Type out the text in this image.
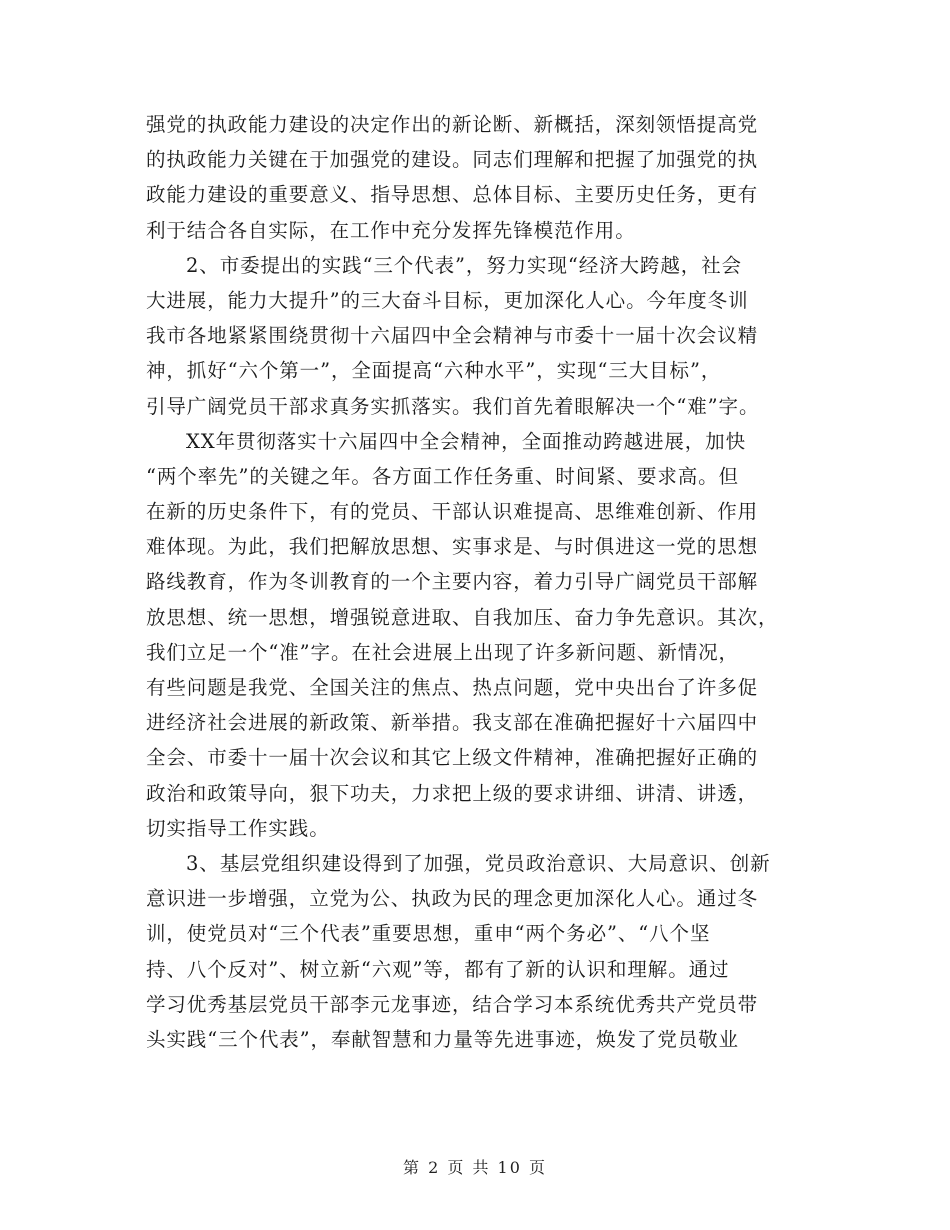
强党的执政能力建设的决定作出的新论断、新概括，深刻领悟提高党
的执政能力关键在于加强党的建设。同志们理解和把握了加强党的执
政能力建设的重要意义、指导思想、总体目标、主要历史任务，更有
利于结合各自实际，在工作中充分发挥先锋模范作用。
2、市委提出的实践“三个代表”，努力实现“经济大跨越，社会
大进展，能力大提升”的三大奋斗目标，更加深化人心。今年度冬训
我市各地紧紧围绕贯彻十六届四中全会精神与市委十一届十次会议精
神，抓好“六个第一”，全面提高“六种水平”，实现“三大目标”，
引导广阔党员干部求真务实抓落实。我们首先着眼解决一个“难”字。
XX年贯彻落实十六届四中全会精神，全面推动跨越进展，加快
“两个率先”的关键之年。各方面工作任务重、时间紧、要求高。但
在新的历史条件下，有的党员、干部认识难提高、思维难创新、作用
难体现。为此，我们把解放思想、实事求是、与时俱进这一党的思想
路线教育，作为冬训教育的一个主要内容，着力引导广阔党员干部解
放思想、统一思想，增强锐意进取、自我加压、奋力争先意识。其次，
我们立足一个“准”字。在社会进展上出现了许多新问题、新情况，
有些问题是我党、全国关注的焦点、热点问题，党中央出台了许多促
进经济社会进展的新政策、新举措。我支部在准确把握好十六届四中
全会、市委十一届十次会议和其它上级文件精神，准确把握好正确的
政治和政策导向，狠下功夫，力求把上级的要求讲细、讲清、讲透，
切实指导工作实践。
3、基层党组织建设得到了加强，党员政治意识、大局意识、创新
意识进一步增强，立党为公、执政为民的理念更加深化人心。通过冬
训，使党员对“三个代表”重要思想，重申“两个务必”、“八个坚
持、八个反对”、树立新“六观”等，都有了新的认识和理解。通过
学习优秀基层党员干部李元龙事迹，结合学习本系统优秀共产党员带
头实践“三个代表”，奉献智慧和力量等先进事迹，焕发了党员敬业
第 2 页 共 10 页
